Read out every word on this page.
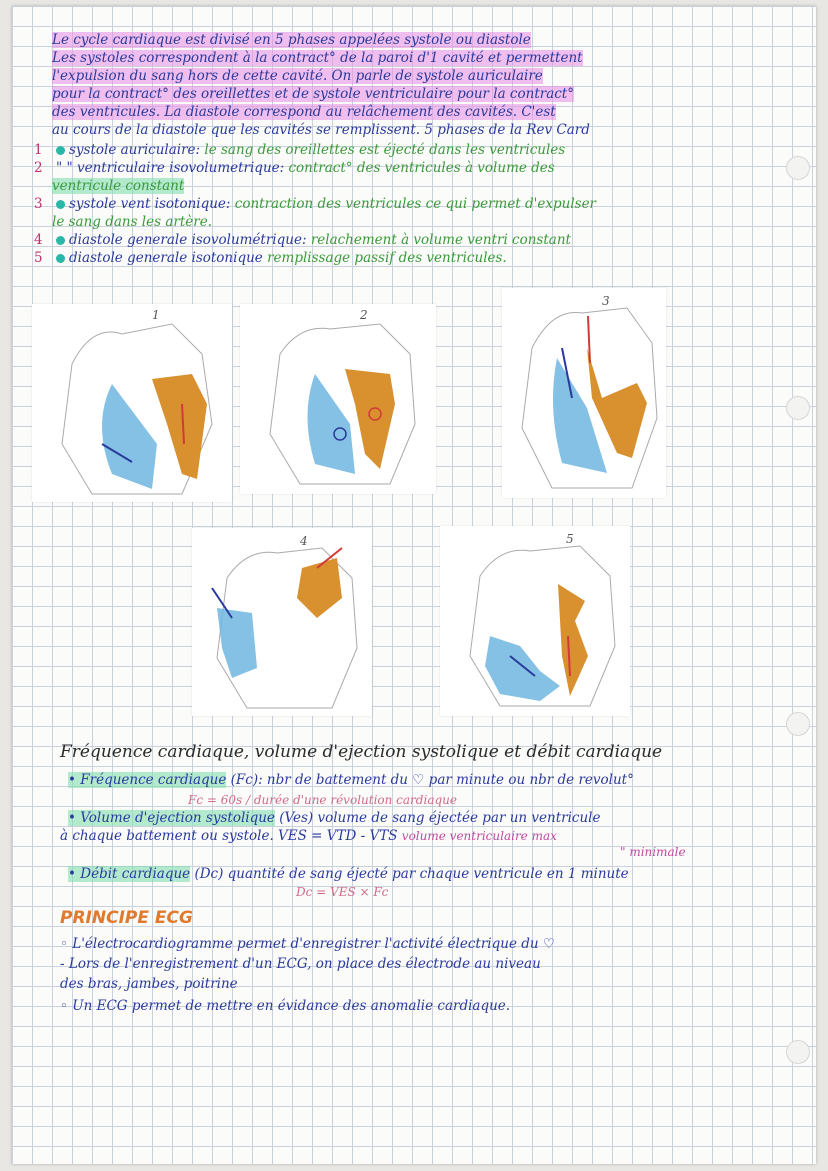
Le cycle cardiaque est divisé en 5 phases appelées systole ou diastole
Les systoles correspondent à la contract° de la paroi d'1 cavité et permettent
l'expulsion du sang hors de cette cavité. On parle de systole auriculaire
pour la contract° des oreillettes et de systole ventriculaire pour la contract°
des ventricules. La diastole correspond au relâchement des cavités. C'est
au cours de la diastole que les cavités se remplissent. 5 phases de la Rev Card
1 systole auriculaire: le sang des oreillettes est éjecté dans les ventricules
2 " " ventriculaire isovolumetrique: contract° des ventricules à volume des
ventricule constant
3 systole vent isotonique: contraction des ventricules ce qui permet d'expulser
le sang dans les artère.
4 diastole generale isovolumétrique: relachement à volume ventri constant
5 diastole generale isotonique remplissage passif des ventricules.
1	2
3
4	5
Fréquence cardiaque, volume d'ejection systolique et débit cardiaque
• Fréquence cardiaque (Fc): nbr de battement du ♡ par minute ou nbr de revolut°
Fc = 60s / durée d'une révolution cardiaque
• Volume d'ejection systolique (Ves) volume de sang éjectée par un ventricule
à chaque battement ou systole. VES = VTD - VTS volume ventriculaire max
" minimale
• Débit cardiaque (Dc) quantité de sang éjecté par chaque ventricule en 1 minute
Dc = VES × Fc
PRINCIPE ECG
◦ L'électrocardiogramme permet d'enregistrer l'activité électrique du ♡
- Lors de l'enregistrement d'un ECG, on place des électrode au niveau
des bras, jambes, poitrine
◦ Un ECG permet de mettre en évidance des anomalie cardiaque.
